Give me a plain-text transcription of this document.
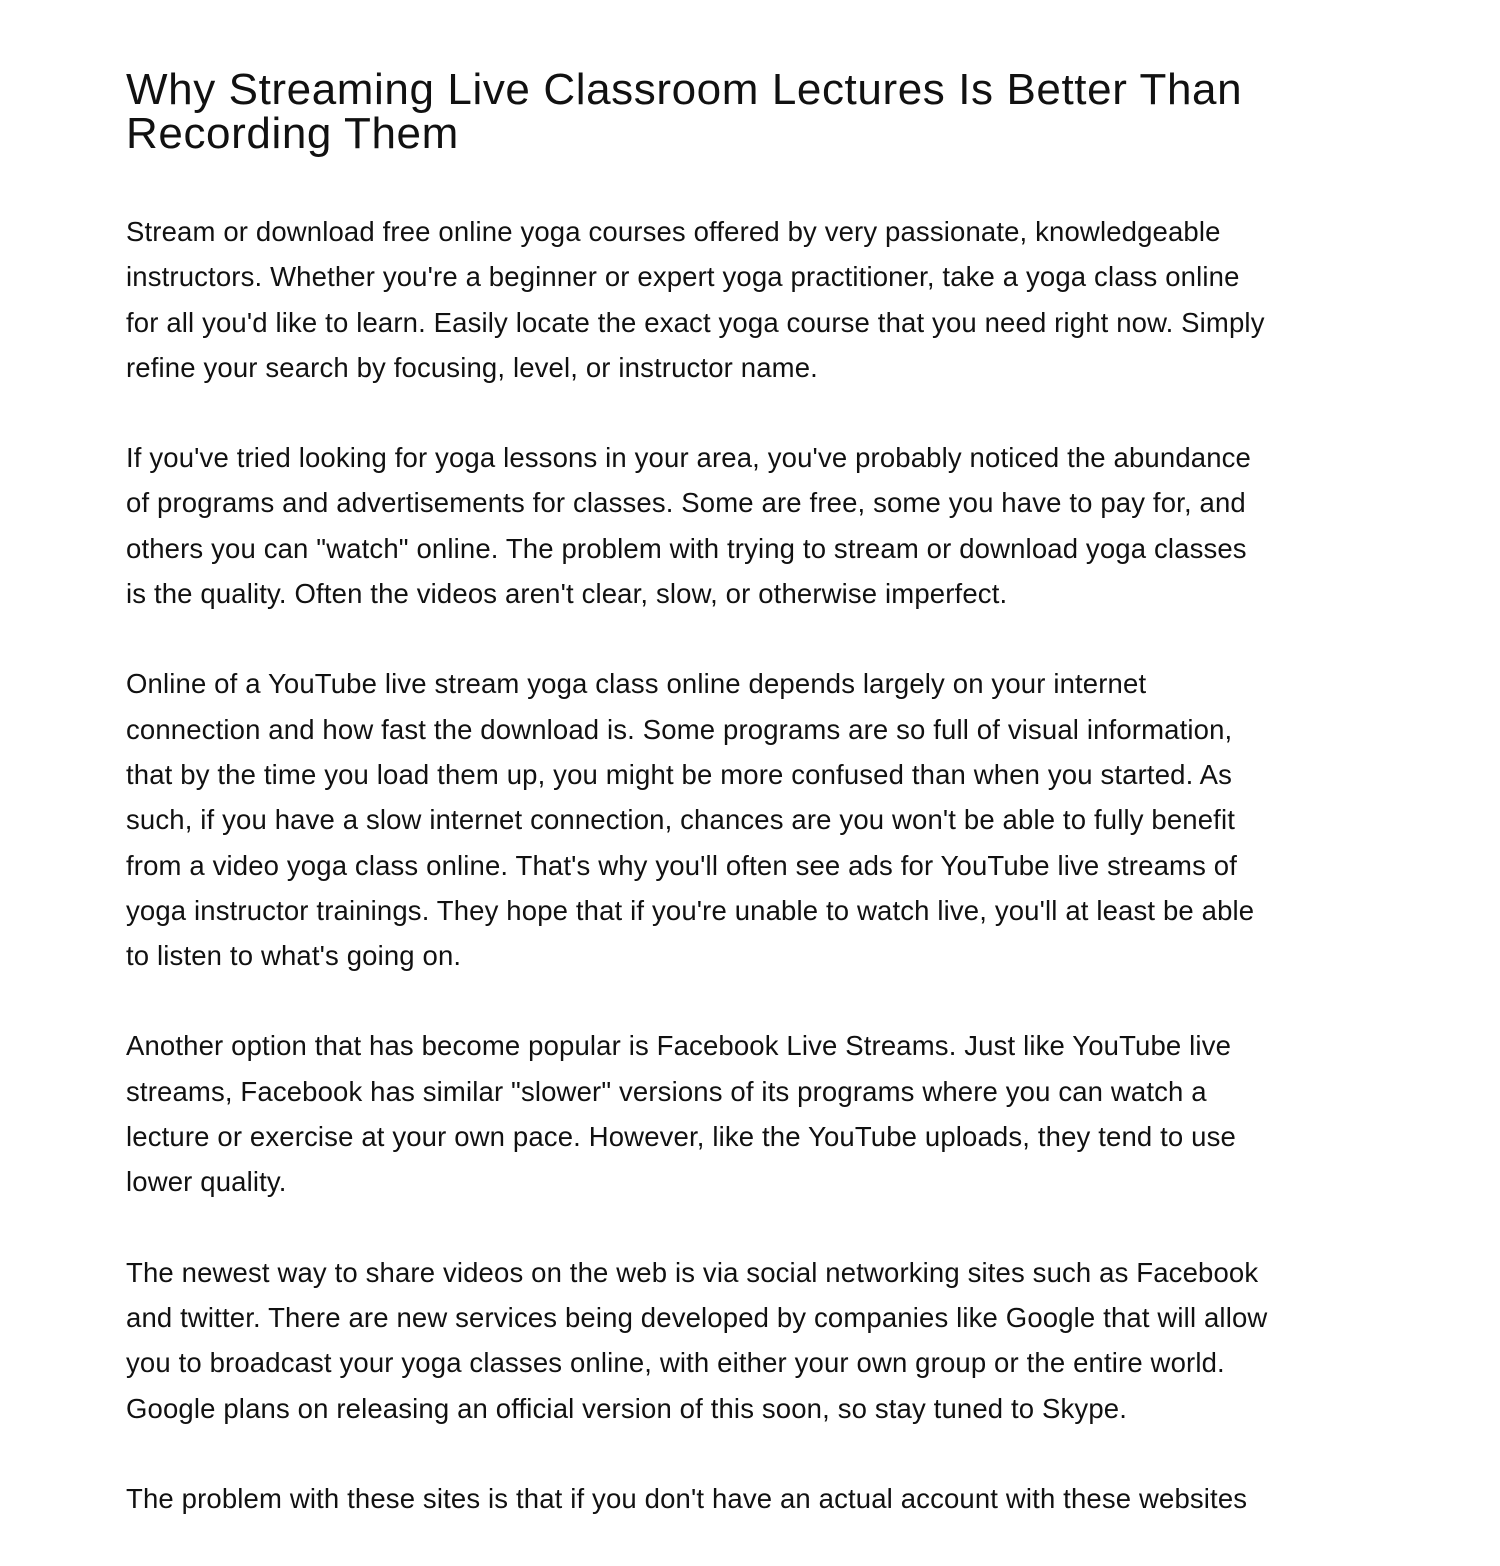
Why Streaming Live Classroom Lectures Is Better Than
Recording Them

Stream or download free online yoga courses offered by very passionate, knowledgeable
instructors. Whether you're a beginner or expert yoga practitioner, take a yoga class online
for all you'd like to learn. Easily locate the exact yoga course that you need right now. Simply
refine your search by focusing, level, or instructor name.

If you've tried looking for yoga lessons in your area, you've probably noticed the abundance
of programs and advertisements for classes. Some are free, some you have to pay for, and
others you can "watch" online. The problem with trying to stream or download yoga classes
is the quality. Often the videos aren't clear, slow, or otherwise imperfect.

Online of a YouTube live stream yoga class online depends largely on your internet
connection and how fast the download is. Some programs are so full of visual information,
that by the time you load them up, you might be more confused than when you started. As
such, if you have a slow internet connection, chances are you won't be able to fully benefit
from a video yoga class online. That's why you'll often see ads for YouTube live streams of
yoga instructor trainings. They hope that if you're unable to watch live, you'll at least be able
to listen to what's going on.

Another option that has become popular is Facebook Live Streams. Just like YouTube live
streams, Facebook has similar "slower" versions of its programs where you can watch a
lecture or exercise at your own pace. However, like the YouTube uploads, they tend to use
lower quality.

The newest way to share videos on the web is via social networking sites such as Facebook
and twitter. There are new services being developed by companies like Google that will allow
you to broadcast your yoga classes online, with either your own group or the entire world.
Google plans on releasing an official version of this soon, so stay tuned to Skype.

The problem with these sites is that if you don't have an actual account with these websites
